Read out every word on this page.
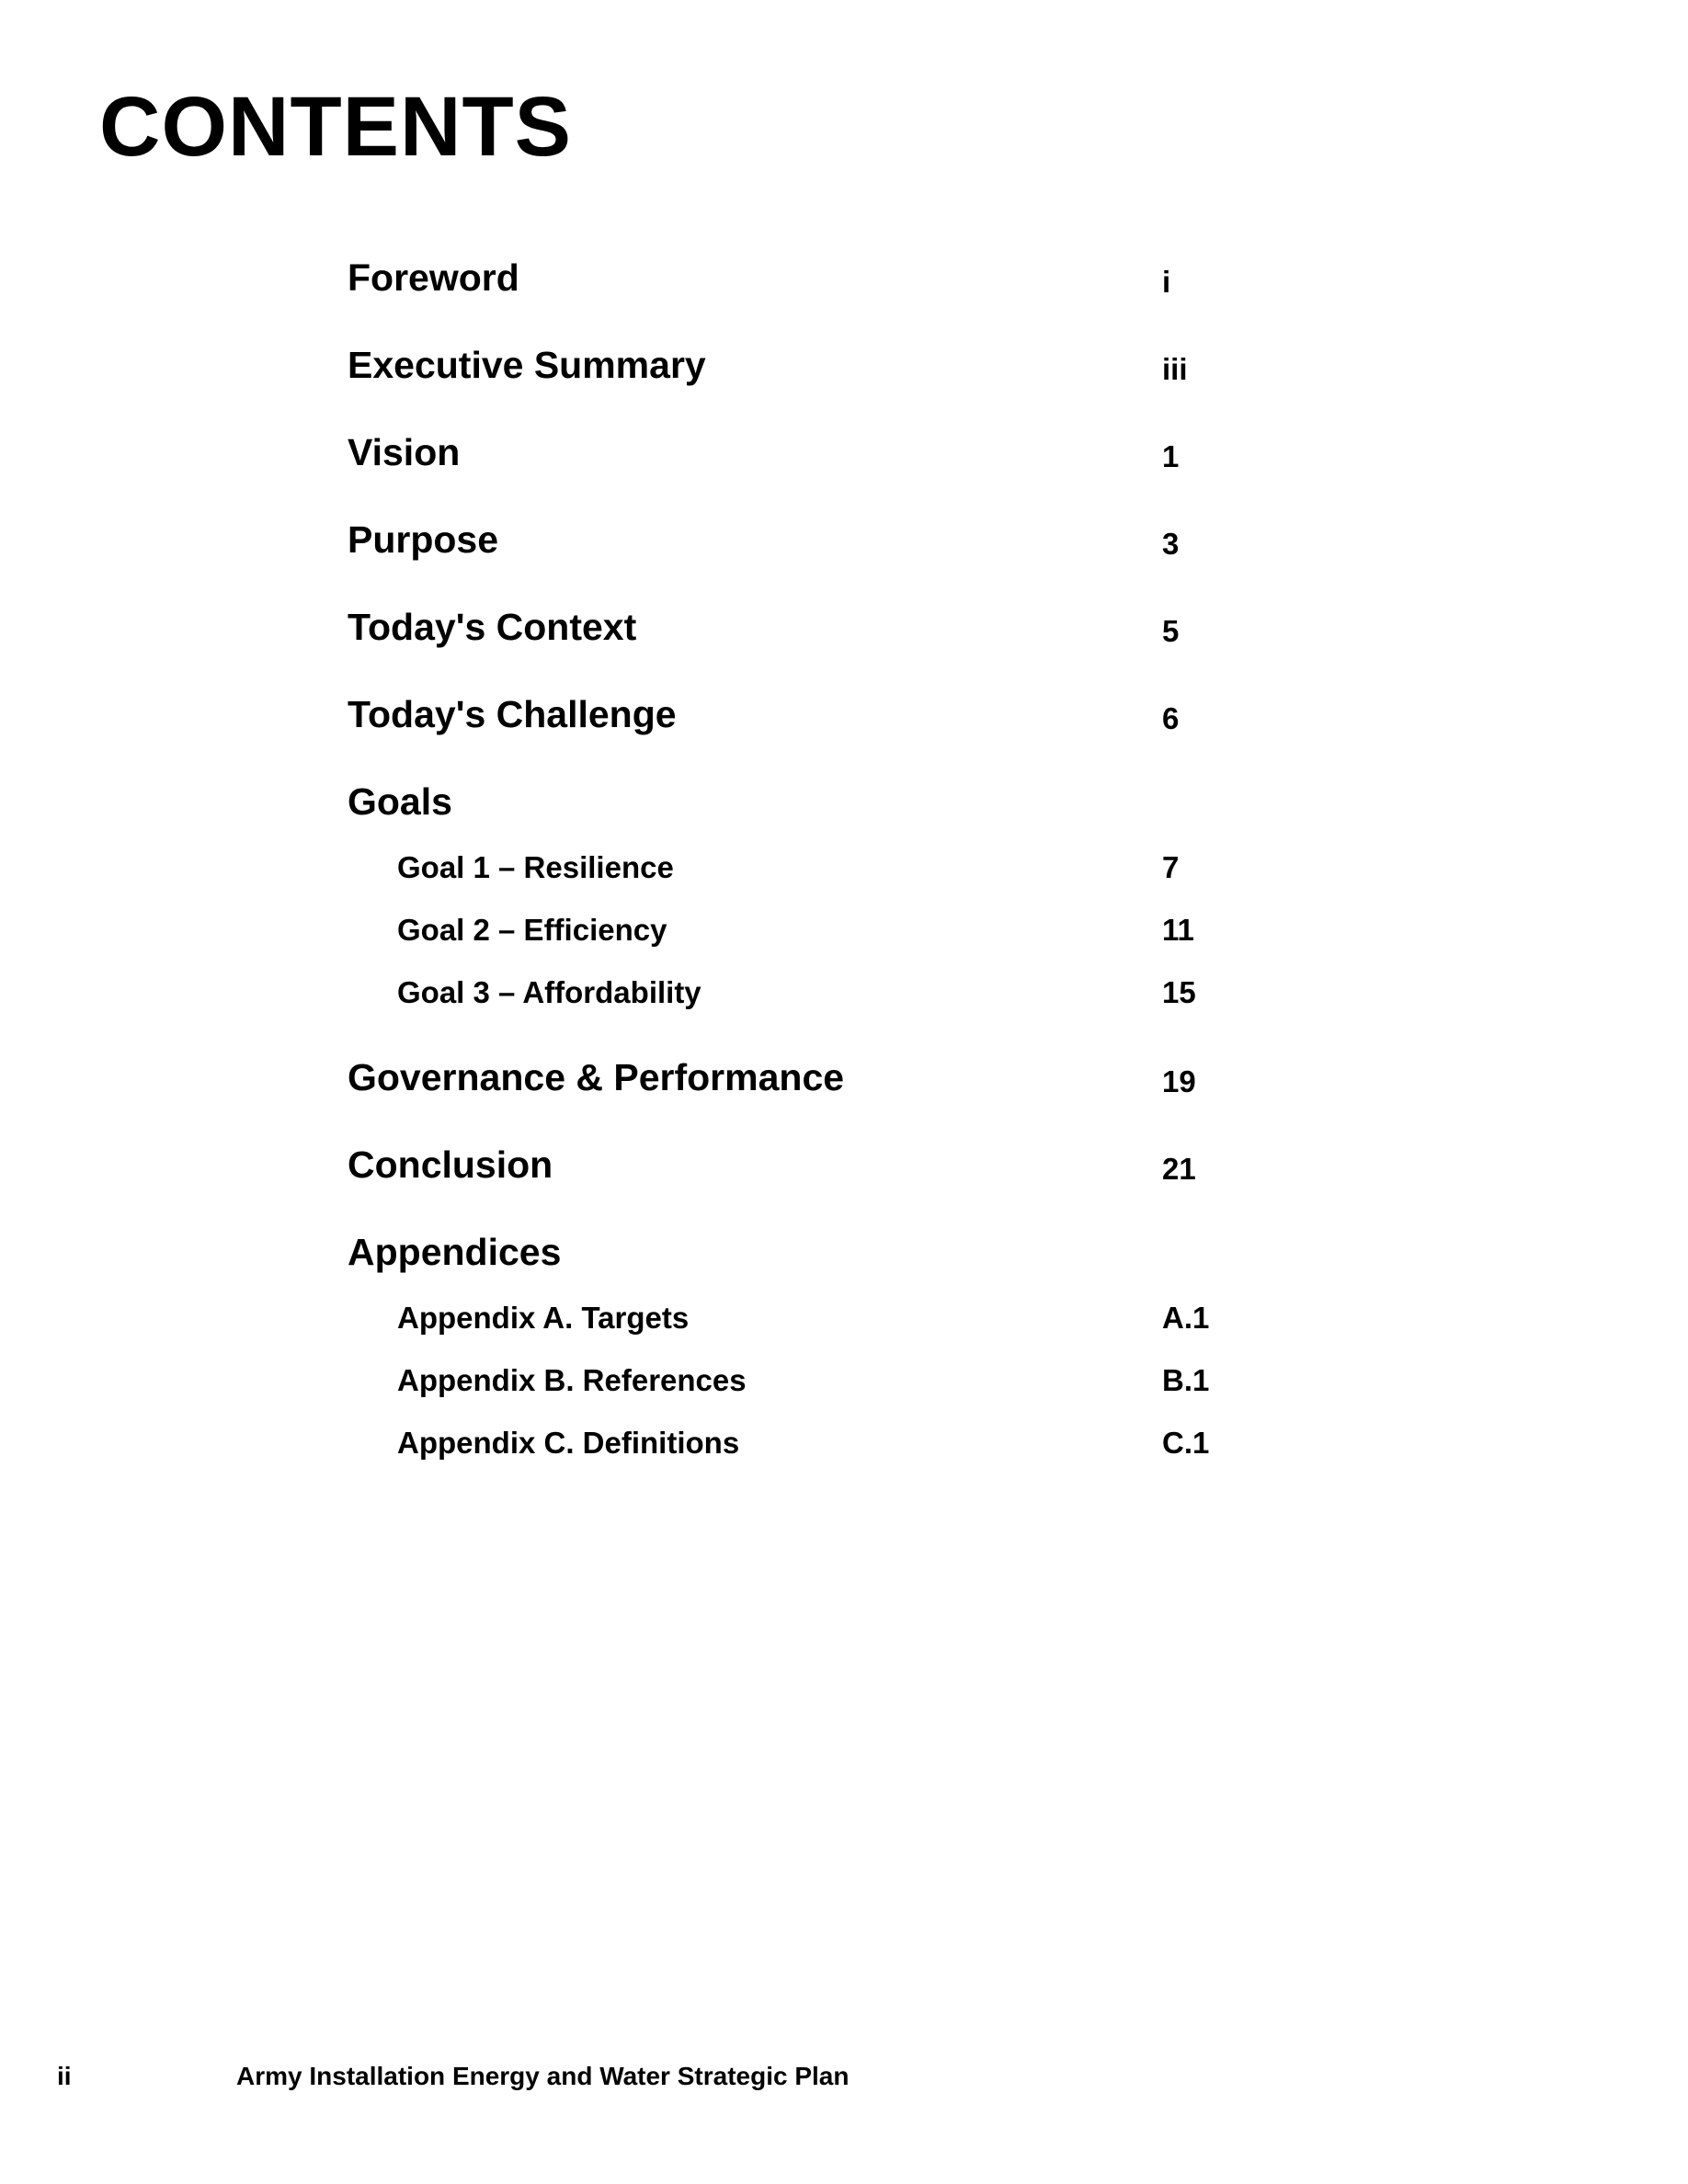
CONTENTS
Foreword	i
Executive Summary	iii
Vision	1
Purpose	3
Today's Context	5
Today's Challenge	6
Goals
Goal 1 – Resilience	7
Goal 2 – Efficiency	11
Goal 3 – Affordability	15
Governance & Performance	19
Conclusion	21
Appendices
Appendix A. Targets	A.1
Appendix B. References	B.1
Appendix C. Definitions	C.1
ii	Army Installation Energy and Water Strategic Plan
